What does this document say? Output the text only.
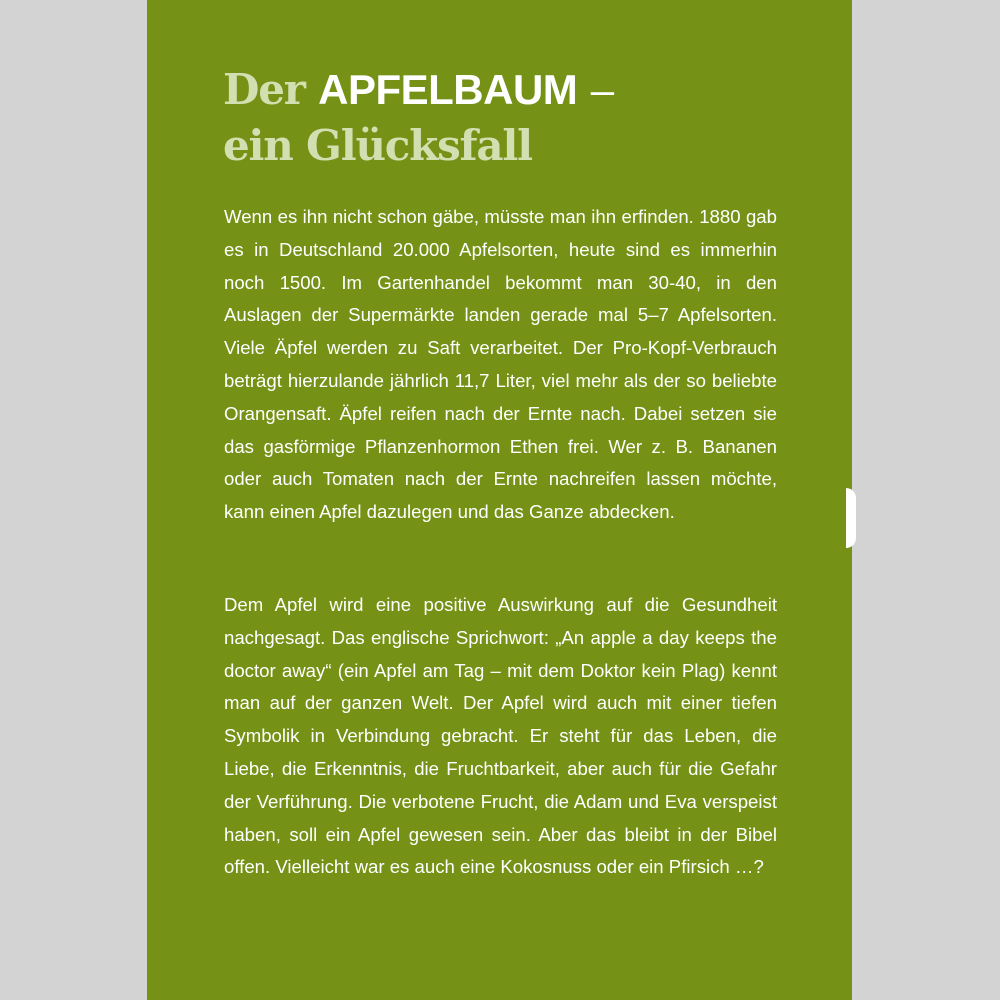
Der APFELBAUM –
ein Glücksfall

Wenn es ihn nicht schon gäbe, müsste man ihn erfinden. 1880 gab es in Deutschland 20.000 Apfelsorten, heute sind es immerhin noch 1500. Im Gartenhandel bekommt man 30-40, in den Auslagen der Supermärkte landen gerade mal 5–7 Apfelsorten. Viele Äpfel werden zu Saft verarbeitet. Der Pro-Kopf-Verbrauch beträgt hierzulande jährlich 11,7 Liter, viel mehr als der so beliebte Orangensaft. Äpfel reifen nach der Ernte nach. Dabei setzen sie das gasförmige Pflanzenhormon Ethen frei. Wer z. B. Bananen oder auch Tomaten nach der Ernte nachreifen lassen möchte, kann einen Apfel dazulegen und das Ganze abdecken.

Dem Apfel wird eine positive Auswirkung auf die Gesundheit nachgesagt. Das englische Sprichwort: „An apple a day keeps the doctor away“ (ein Apfel am Tag – mit dem Doktor kein Plag) kennt man auf der ganzen Welt. Der Apfel wird auch mit einer tiefen Symbolik in Verbindung gebracht. Er steht für das Leben, die Liebe, die Erkenntnis, die Fruchtbarkeit, aber auch für die Gefahr der Verführung. Die verbotene Frucht, die Adam und Eva verspeist haben, soll ein Apfel gewesen sein. Aber das bleibt in der Bibel offen. Vielleicht war es auch eine Kokosnuss oder ein Pfirsich …?
